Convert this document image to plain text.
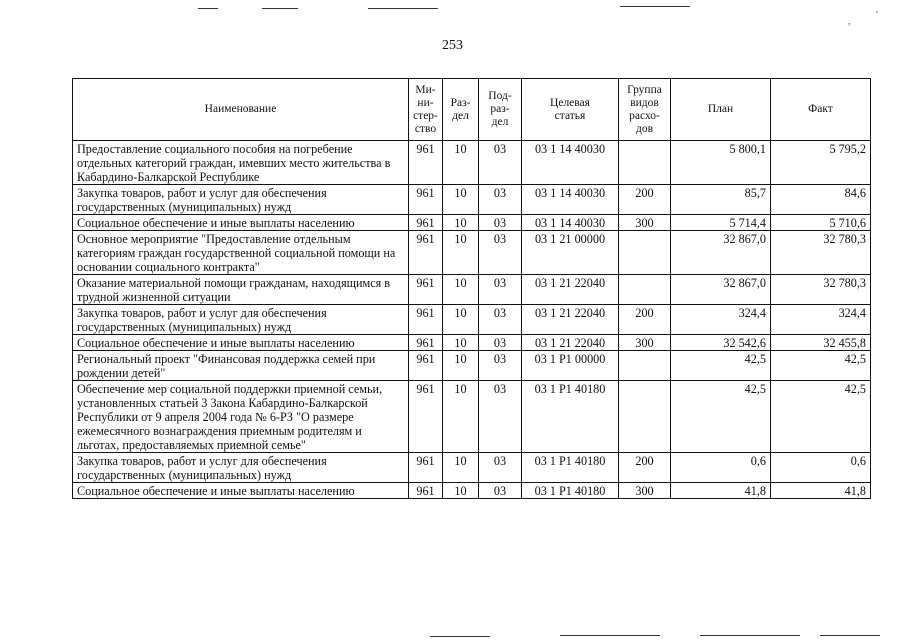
253
Наименование	Ми-
ни-
стер-
ство	Раз-
дел	Под-
раз-
дел	Целевая
статья	Группа
видов
расхо-
дов	План	Факт
Предоставление социального пособия на погребение отдельных категорий граждан, имевших место жительства в Кабардино-Балкарской Республике	961	10	03	03 1 14 40030		5 800,1	5 795,2
Закупка товаров, работ и услуг для обеспечения государственных (муниципальных) нужд	961	10	03	03 1 14 40030	200	85,7	84,6
Социальное обеспечение и иные выплаты населению	961	10	03	03 1 14 40030	300	5 714,4	5 710,6
Основное мероприятие "Предоставление отдельным категориям граждан государственной социальной помощи на основании социального контракта"	961	10	03	03 1 21 00000		32 867,0	32 780,3
Оказание материальной помощи гражданам, находящимся в трудной жизненной ситуации	961	10	03	03 1 21 22040		32 867,0	32 780,3
Закупка товаров, работ и услуг для обеспечения государственных (муниципальных) нужд	961	10	03	03 1 21 22040	200	324,4	324,4
Социальное обеспечение и иные выплаты населению	961	10	03	03 1 21 22040	300	32 542,6	32 455,8
Региональный проект "Финансовая поддержка семей при рождении детей"	961	10	03	03 1 P1 00000		42,5	42,5
Обеспечение мер социальной поддержки приемной семьи, установленных статьей 3 Закона Кабардино-Балкарской Республики от 9 апреля 2004 года № 6-РЗ "О размере ежемесячного вознаграждения приемным родителям и льготах, предоставляемых приемной семье"	961	10	03	03 1 P1 40180		42,5	42,5
Закупка товаров, работ и услуг для обеспечения государственных (муниципальных) нужд	961	10	03	03 1 P1 40180	200	0,6	0,6
Социальное обеспечение и иные выплаты населению	961	10	03	03 1 P1 40180	300	41,8	41,8
,
′
